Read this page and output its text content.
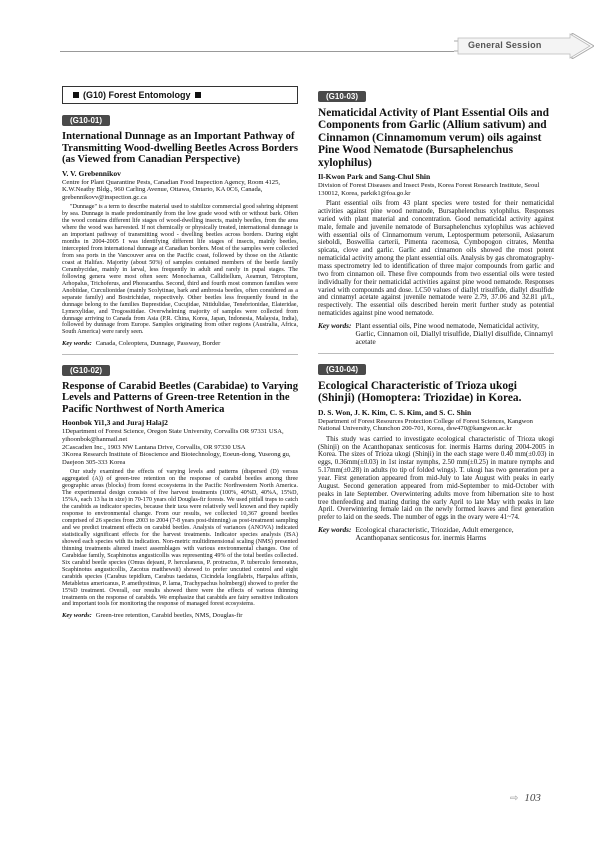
General Session
(G10) Forest Entomology
(G10-01)
International Dunnage as an Important Pathway of Transmitting Wood-dwelling Beetles Across Borders (as Viewed from Canadian Perspective)
V. V. Grebennikov
Centre for Plant Quarantine Pests, Canadian Food Inspection Agency, Room 4125, K.W.Neatby Bldg., 960 Carling Avenue, Ottawa, Ontario, KA 0C6, Canada, grebennikovv@inspection.gc.ca

"Dunnage" is a term to describe material used to stabilize commercial good sshring shipment by sea. Dunnage is made predominantly from the low grade wood with or without bark. Often the wood contains different life stages of wood-dwelling insects, mainly beetles, from the area where the wood was harvested. If not chemically or physically treated, international dunnage is an important pathway of transmitting wood - dwelling beetles across borders. During eight months in 2004-2005 I was identifying different life stages of insects, mainly beetles, intercepted from international dunnage at Canadian borders. Most of the samples were collected from sea ports in the Vancouver area on the Pacific coast, followed by those on the Atlantic coast at Halifax. Majority (about 50%) of samples contained members of the beetle family Cerambycidae, mainly in larval, less frequently in adult and rarely in pupal stages. The following genera were most often seen: Monochamus, Callidiellum, Aeamun, Tetropium, Arhopalus, Trichoferus, and Phoracantha. Second, third and fourth most common families were Anobiidae, Curculionidae (mainly Scolytinae, bark and ambrosia beetles, often considered as a separate family) and Bostrichidae, respectively. Other beetles less frequently found in the dunnage belong to the families Buprestidae, Cucujidae, Nitidulidae, Tenebrionidae, Elateridae, Lymexylidae, and Trogossitidae. Overwhelming majority of samples were collected from dunnage arriving to Canada from Asia (P.R. China, Korea, Japan, Indonesia, Malaysia, India), followed by dunnage from Europe. Samples originating from other regions (Australia, Africa, South America) were rarely seen.

Key words: Canada, Coleoptera, Dunnage, Passway, Border
(G10-02)
Response of Carabid Beetles (Carabidae) to Varying Levels and Patterns of Green-tree Retention in the Pacific Northwest of North America
Hoonbok Yi1,3 and Juraj Halaj2
1Department of Forest Science, Oregon State University, Corvallis OR 97331 USA, yihoonbok@hanmail.net
2Cascadien Inc., 1903 NW Lantana Drive, Corvallis, OR 97330 USA
3Korea Research Institute of Bioscience and Biotechnology, Eoeun-dong, Yuseong gu, Daejeon 305-333 Korea

Our study examined the effects of varying levels and patterns (dispersed (D) versus aggregated (A)) of green-tree retention on the response of carabid beetles among three geographic areas (blocks) from forest ecosystems in the Pacific Northwestern North America. The experimental design consists of five harvest treatments (100%, 40%D, 40%A, 15%D, 15%A, each 13 ha in size) in 70-170 years old Douglas-fir forests. We used pitfall traps to catch the carabids as indicator species, because their taxa were relatively well known and they rapidly response to environmental change. From our results, we collected 10,367 ground beetles comprised of 26 species from 2003 to 2004 (7-8 years post-thinning) as post-treatment sampling and we predict treatment effects on carabid beetles. Analysis of variances (ANOVA) indicated statistically significant effects for the harvest treatments. Indicator species analysis (ISA) showed each species with its indication. Non-metric multidimensional scaling (NMS) presented thinning treatments altered insect assemblages with various environmental changes. One of Carabidae family, Scaphinotus angusticollis was representing 49% of the total beetles collected. Six carabid beetle species (Omus dejeani, P. herculaneus, P. protractus, P. tuberculo femoratus, Scaphinotus angusticollis, Zacotus matthewsii) showed to prefer uncutted control and eight carabids species (Carabus tepidlum, Carabus taedatus, Cicindela longilabris, Harpalus affinis, Metabletus americanus, P. amethystinus, P. lama, Trachypachus holmbergi) showed to prefer the 15%D treatment. Overall, our results showed there were the effects of various thinning treatments on the response of carabids. We emphasize that carabids are fairy sensitive indicators and important tools for monitoring the response of managed forest ecosystems.

Key words: Green-tree retention, Carabid beetles, NMS, Douglas-fir
(G10-03)
Nematicidal Activity of Plant Essential Oils and Components from Garlic (Allium sativum) and Cinnamon (Cinnamomum verum) oils against Pine Wood Nematode (Bursaphelenchus xylophilus)
Il-Kwon Park and Sang-Chul Shin
Division of Forest Diseases and Insect Pests, Korea Forest Research Institute, Seoul 130012, Korea, parkik1@foa.go.kr

Plant essential oils from 43 plant species were tested for their nematicidal activities against pine wood nematode, Bursaphelenchus xylophilus. Responses varied with plant material and concentration. Good nematicidal activity against male, female and juvenile nematode of Bursaphelenchus xylophilus was achieved with essential oils of Cinnamomum verum, Leptospermum petersonii, Asiasarum sieboldi, Boswellia carterii, Pimenta racemosa, Cymbopogon citrates, Mentha spicata, clove and garlic. Garlic and cinnamon oils showed the most potent nematicidal activity among the plant essential oils. Analysis by gas chromatography-mass spectrometry led to identification of three major compounds from garlic and two from cinnamon oil. These five compounds from two essential oils were tested individually for their nematicidal activities against pine wood nematode. Responses varied with compounds and dose. LC50 values of diallyl trisulfide, diallyl disulfide and cinnamyl acetate against juvenile nematode were 2.79, 37.06 and 32.81 μl/L, respectively. The essential oils described herein merit further study as potential nematicides against pine wood nematode.

Key words: Plant essential oils, Pine wood nematode, Nematicidal activity, Garlic, Cinnamon oil, Diallyl trisulfide, Diallyl disulfide, Cinnamyl acetate
(G10-04)
Ecological Characteristic of Trioza ukogi (Shinji) (Homoptera: Triozidae) in Korea.
D. S. Won, J. K. Kim, C. S. Kim, and S. C. Shin
Department of Forest Resources Protection College of Forest Sciences, Kangwon National University, Chunchon 200-701, Korea, dsw470@kangwon.ac.kr

This study was carried to investigate ecological characteristic of Trioza ukogi (Shinji) on the Acanthopanax senticosus for. inermis Harms during 2004-2005 in Korea. The sizes of Trioza ukogi (Shinji) in the each stage were 0.40 mm(±0.03) in eggs, 0.36mm(±0.03) in 1st instar nymphs, 2.50 mm(±0.25) in mature nymphs and 5.17mm(±0.28) in adults (to tip of folded wings). T. ukogi has two generation per a year. First generation appeared from mid-July to late August with peaks in early August. Second generation appeared from mid-September to mid-October with peaks in late September. Overwintering adults move from hibernation site to host tree thenfeeding and mating during the early April to late May with peaks in late April. Overwintering female laid on the newly formed leaves and first generation prefer to laid on the seeds. The number of eggs in the ovary were 41~74.

Key words: Ecological characteristic, Triozidae, Adult emergence, Acanthopanax senticosus for. inermis Harms
⇨ 103
